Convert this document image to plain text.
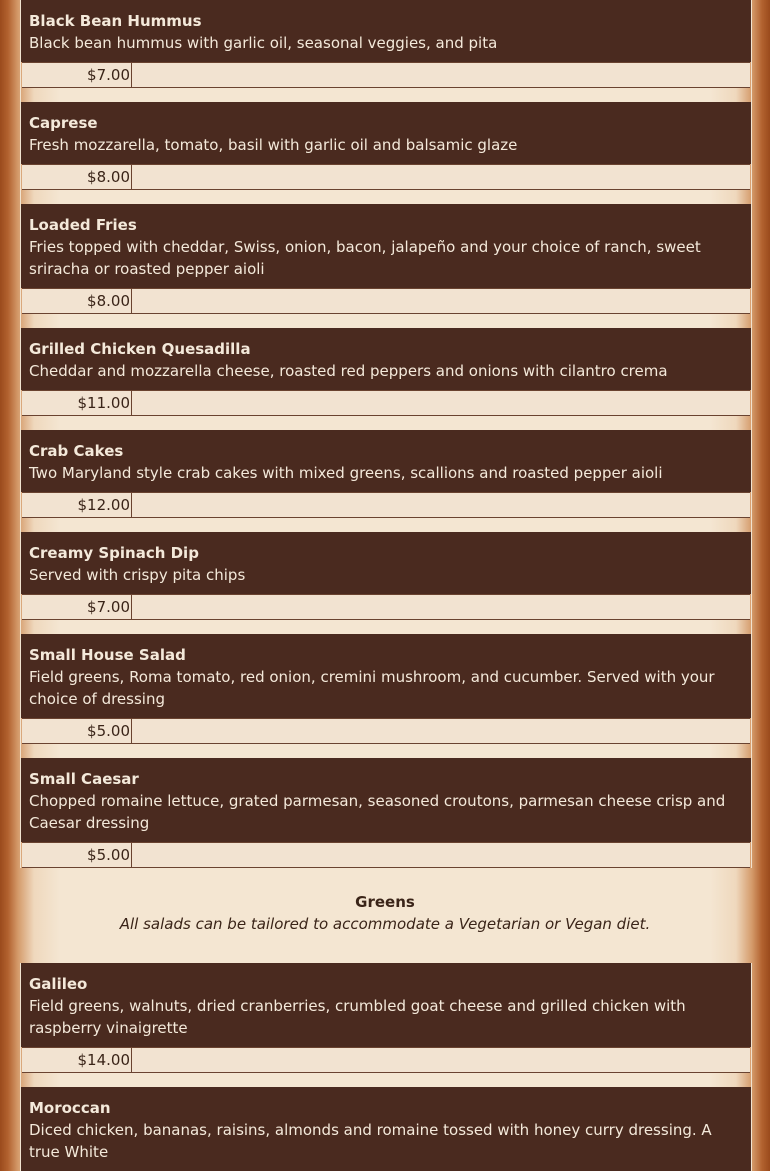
Black Bean Hummus

Black bean hummus with garlic oil, seasonal veggies, and pita

$7.00

Caprese

Fresh mozzarella, tomato, basil with garlic oil and balsamic glaze

$8.00

Loaded Fries

Fries topped with cheddar, Swiss, onion, bacon, jalapeño and your choice of ranch, sweet sriracha or roasted pepper aioli

$8.00

Grilled Chicken Quesadilla

Cheddar and mozzarella cheese, roasted red peppers and onions with cilantro crema

$11.00

Crab Cakes

Two Maryland style crab cakes with mixed greens, scallions and roasted pepper aioli

$12.00

Creamy Spinach Dip

Served with crispy pita chips

$7.00

Small House Salad

Field greens, Roma tomato, red onion, cremini mushroom, and cucumber. Served with your choice of dressing

$5.00

Small Caesar

Chopped romaine lettuce, grated parmesan, seasoned croutons, parmesan cheese crisp and Caesar dressing

$5.00

Greens

All salads can be tailored to accommodate a Vegetarian or Vegan diet.

Galileo

Field greens, walnuts, dried cranberries, crumbled goat cheese and grilled chicken with raspberry vinaigrette

$14.00

Moroccan

Diced chicken, bananas, raisins, almonds and romaine tossed with honey curry dressing. A true White
